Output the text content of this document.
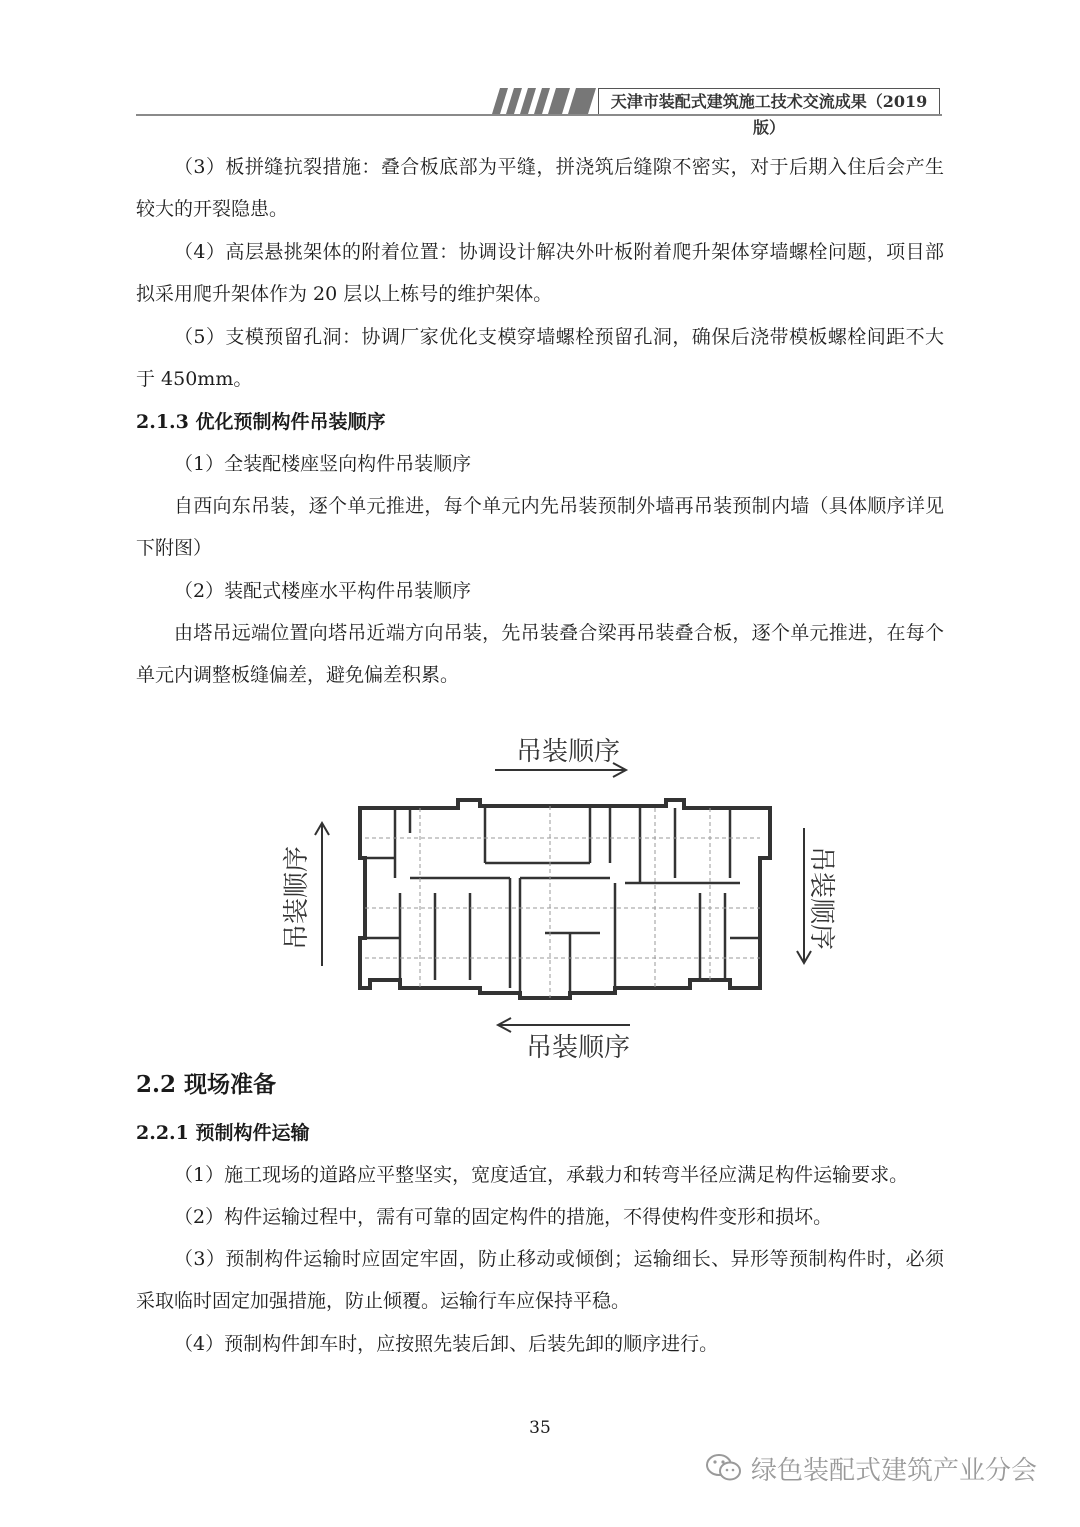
天津市装配式建筑施工技术交流成果（2019版）

（3）板拼缝抗裂措施：叠合板底部为平缝，拼浇筑后缝隙不密实，对于后期入住后会产生较大的开裂隐患。

（4）高层悬挑架体的附着位置：协调设计解决外叶板附着爬升架体穿墙螺栓问题，项目部拟采用爬升架体作为 20 层以上栋号的维护架体。

（5）支模预留孔洞：协调厂家优化支模穿墙螺栓预留孔洞，确保后浇带模板螺栓间距不大于 450mm。

2.1.3 优化预制构件吊装顺序

（1）全装配楼座竖向构件吊装顺序

自西向东吊装，逐个单元推进，每个单元内先吊装预制外墙再吊装预制内墙（具体顺序详见下附图）

（2）装配式楼座水平构件吊装顺序

由塔吊远端位置向塔吊近端方向吊装，先吊装叠合梁再吊装叠合板，逐个单元推进，在每个单元内调整板缝偏差，避免偏差积累。

吊装顺序
吊装顺序
吊装顺序	吊装顺序
2.2 现场准备
2.2.1 预制构件运输

（1）施工现场的道路应平整坚实，宽度适宜，承载力和转弯半径应满足构件运输要求。

（2）构件运输过程中，需有可靠的固定构件的措施，不得使构件变形和损坏。

（3）预制构件运输时应固定牢固，防止移动或倾倒；运输细长、异形等预制构件时，必须采取临时固定加强措施，防止倾覆。运输行车应保持平稳。

（4）预制构件卸车时，应按照先装后卸、后装先卸的顺序进行。

35
绿色装配式建筑产业分会
